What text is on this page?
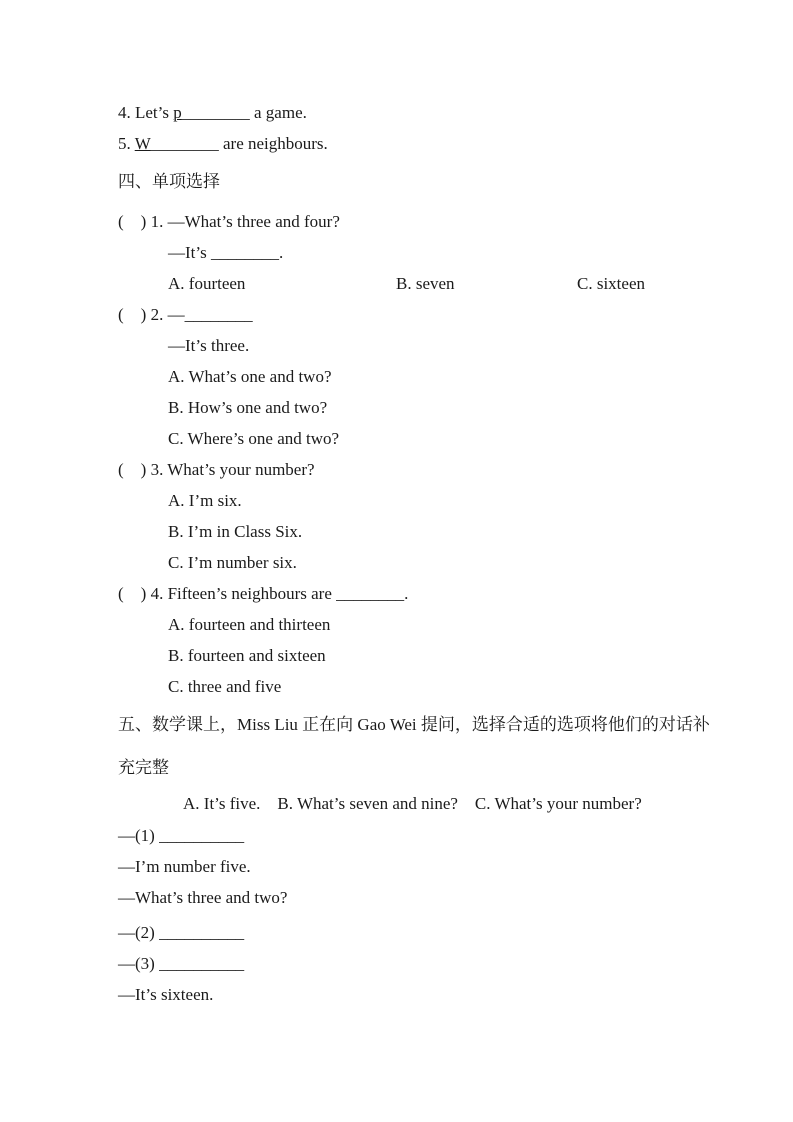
4. Let’s p________ a game.
5. W________ are neighbours.
四、单项选择
(    ) 1. —What’s three and four?
—It’s ________.
A. fourteen	B. seven	C. sixteen
(    ) 2. —________
—It’s three.
A. What’s one and two?
B. How’s one and two?
C. Where’s one and two?
(    ) 3. What’s your number?
A. I’m six.
B. I’m in Class Six.
C. I’m number six.
(    ) 4. Fifteen’s neighbours are ________.
A. fourteen and thirteen
B. fourteen and sixteen
C. three and five
五、数学课上，Miss Liu 正在向 Gao Wei 提问，选择合适的选项将他们的对话补
充完整
A. It’s five.    B. What’s seven and nine?    C. What’s your number?
—(1) __________
—I’m number five.
—What’s three and two?
—(2) __________
—(3) __________
—It’s sixteen.
